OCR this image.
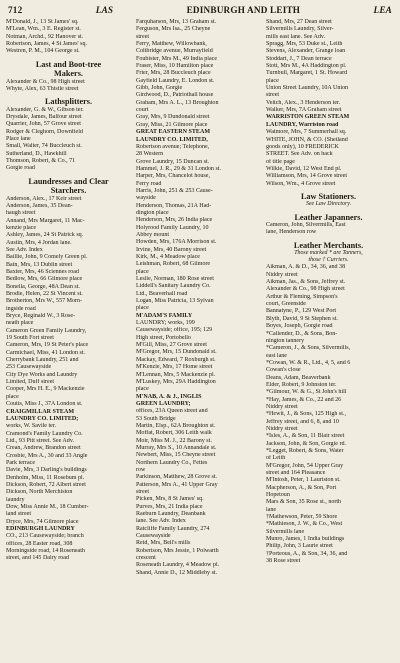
712	LAS	EDINBURGH AND LEITH	LEA
M'Donald, J., 13 St James' sq.
M'Lean, Wm., 3 E. Register st.
Notman, Archd., 92 Hanover st.
Robertson, James, 4 St James' sq.
Westren, P. M., 104 George st.
Last and Boot-tree
Makers.
Alexander & Co., 98 High street
Whyte, Alex, 63 Thistle street
Lathsplitters.
Alexander, G. & W., Gibson ter.
Drysdale, James, Balfour street
Quarrier, John, 57 Grove street
Rodger & Cleghorn, Downfield
Place lane
Small, Walter, 74 Buccleuch st.
Sutherland, D., Hawkhill
Thomson, Robert, & Co., 71
Gorgie road
Laundresses and Clear
Starchers.
Anderson, Alex., 17 Keir street
Anderson, James, 35 Dean-
haugh street
Annand, Mrs Margaret, 11 Mac-
kenzie place
Ashley, James, 24 St Patrick sq.
Austin, Mrs, 4 Jordan lane.
See Adv. Index
Baillie, John, 9 Comely Green pl.
Bain, Mrs, 13 Dublin street
Baxter, Mrs, 46 Sciennes road
Bedlow, Mrs, 66 Gilmore place
Bonella, George, 48A Dean st.
Brodie, Helen, 22 St Vincent st.
Brotherton, Mrs W., 557 Morn-
ingside road
Bryce, Reginald W., 3 Rose-
neath place
Cameron Green Family Laundry,
19 South Fort street
Cameron, Mrs, 19 St Peter's place
Carmichael, Miss, 41 London st.
Cherrybank Laundry, 251 and
253 Causewayside
City Dye Works and Laundry
Limited, Duff street
Cooper, Mrs H. E., 9 Mackenzie
place
Coutts, Miss J., 37A London st.
CRAIGMILLAR STEAM
LAUNDRY CO. LIMITED;
works, W. Savile ter.
Cramond's Family Laundry Co.
Ltd., 93 Pitt street. See Adv.
Crean, Andrew, Brandon street
Crosbie, Mrs A., 30 and 33 Angle
Park terrace
Davie, Mrs, 3 Darling's buildings
Denholm, Miss, 11 Rosebum pl.
Dickson, Robert, 72 Albert street
Dickson, North Merchiston
laundry
Dow, Miss Annie M., 18 Cumber-
land street
Dryce, Mrs, 74 Gilmore place
EDINBURGH LAUNDRY
CO., 213 Causewayside; branch
offices, 28 Easter road, 308
Morningside road, 14 Roseneath
street, and 145 Dalry road
Farquharson, Mrs, 13 Graham st.
Ferguson, Mrs Isa., 25 Cheyne
street
Ferry, Matthew, Willowbank,
Coltbridge avenue, Murrayfield
Foubister, Mrs M., 49 India place
Fraser, Miss, 10 Hamilton place
Frier, Mrs, 28 Buccleuch place
Gayfield Laundry, E. London st.
Gibb, John, Gorgie
Girdwood, D., Patriothall house
Graham, Mrs A. L., 13 Broughton
court
Gray, Mrs, 9 Dundonald street
Gray, Miss, 21 Gilmore place
GREAT EASTERN STEAM
LAUNDRY CO. LIMITED,
Robertson avenue; Telephone,
28 Western
Grove Laundry, 15 Duncan st.
Hammel, J. R., 29 & 31 London st.
Harper, Mrs, Chancelot house,
Ferry road
Harris, John, 251 & 253 Cause-
wayside
Henderson, Thomas, 21A Had-
dington place
Henderson, Mrs, 26 India place
Holyrood Family Laundry, 10
Abbey mount
Howden, Mrs, 176A Morrison st.
Irvine, Mrs, 40 Barony street
Kirk, M., 4 Meadow place
Leishman, Robert, 68 Gilmore
place
Leslie, Norman, 180 Rose street
Liddell's Sanitary Laundry Co.
Ltd., Beaverhall road
Logan, Miss Patricia, 13 Sylvan
place
M'ADAM'S FAMILY
LAUNDRY; works, 199
Causewayside; office, 195; 129
High street, Portobello
M'Gill, Miss, 27 Grove street
M'Gregor, Mrs, 15 Dundonald st.
Mackay, Edward, 7 Roxburgh st.
M'Kenzie, Mrs, 17 Home street
M'Lennan, Mrs, 5 Mackenzie pl.
M'Luskey, Mrs, 29A Haddington
place
M'NAB, A. & J., INGLIS
GREEN LAUNDRY;
offices, 23A Queen street and
53 South Bridge
Martin, Elsp., 62A Broughton st.
Moffat, Robert, 306 Leith walk
Moir, Miss M. J., 22 Barony st.
Murray, Mrs S., 10 Annandale st.
Newbert, Miss, 15 Cheyne street
Northern Laundry Co., Fettes
row
Parkinson, Matthew, 28 Grove st.
Patterson, Mrs A., 41 Upper Gray
street
Picken, Mrs, 8 St James' sq.
Purves, Mrs, 21 India place
Raeburn Laundry, Deanbank
lane. See Adv. Index
Ratcliffe Family Laundry, 274
Causewayside
Reid, Mrs, Bell's mills
Robertson, Mrs Jessie, 1 Polwarth
crescent
Roseneath Laundry, 4 Meadow pl.
Shand, Annie D., 12 Middleby st.
Shand, Mrs, 27 Dean street
Silvermills Laundry, Silver-
mills east lane. See Adv.
Spragg, Mrs, 53 Duke st., Leith
Stevens, Alexander, Grange loan
Stoddart, J., 7 Dean terrace
Stott, Mrs M., 4A Haddington pl.
Turnbull, Margaret, 1 St. Howard
place
Union Street Laundry, 10A Union
street
Veitch, Alex., 3 Henderson ter.
Walker, Mrs, 7A Graham street
WARRISTON GREEN STEAM
LAUNDRY, Warriston road
Watmore, Mrs, 7 Summerhall sq.
WHITE, JOHN, & CO. (Shetland
goods only), 10 FREDERICK
STREET. See Adv. on back
of title page
Wilkie, David, 12 West End pl.
Williamson, Mrs, 14 Grove street
Wilson, Wm., 4 Grove street
Law Stationers.
See Law Directory.
Leather Japanners.
Cameron, John, Silvermills, East
lane, Henderson row
Leather Merchants.
Those marked * are Tanners,
those † Curriers.
Aikman, A. & D., 34, 36, and 38
Niddry street
Aikman, Jas., & Sons, Jeffrey st.
Alexander & Co., 98 High street
Arthur & Fleming, Simpson's
court, Greenside
Bannatyne, P., 129 West Port
Blyth, David, 9 St Stephen st.
Boyes, Joseph, Gorgie road
*Callender, D., & Sons, Bon-
nington tannery
*Cameron, J., & Sons, Silvermills,
east lane
*Cowan, W. & R., Ltd., 4, 5, and 6
Cowan's close
Deans, Adam, Beaverbank
Elder, Robert, 9 Johnston ter.
*Gilmour, W. & G., St John's hill
*Hay, James, & Co., 22 and 26
Niddry street
*Hewit, J., & Sons, 125 High st.,
Jeffrey street, and 6, 8, and 10
Niddry street
*Isles, A., & Son, 11 Blair street
Jackson, John, & Son, Gorgie rd.
*Legget, Robert, & Sons, Water
of Leith
M'Gregor, John, 54 Upper Gray
street and 164 Pleasance
M'Intosh, Peter, 1 Lauriston st.
Macpherson, A., & Son, Port
Hopetoun
Mars & Son, 35 Rose st., north
lane
†Mathewson, Peter, 59 Shore
*Mathieson, J. W., & Co., West
Silvermills lane
Munro, James, 1 India buildings
Philip, John, 3 Laurie street
†Porteous, A., & Son, 34, 36, and
38 Rose street
